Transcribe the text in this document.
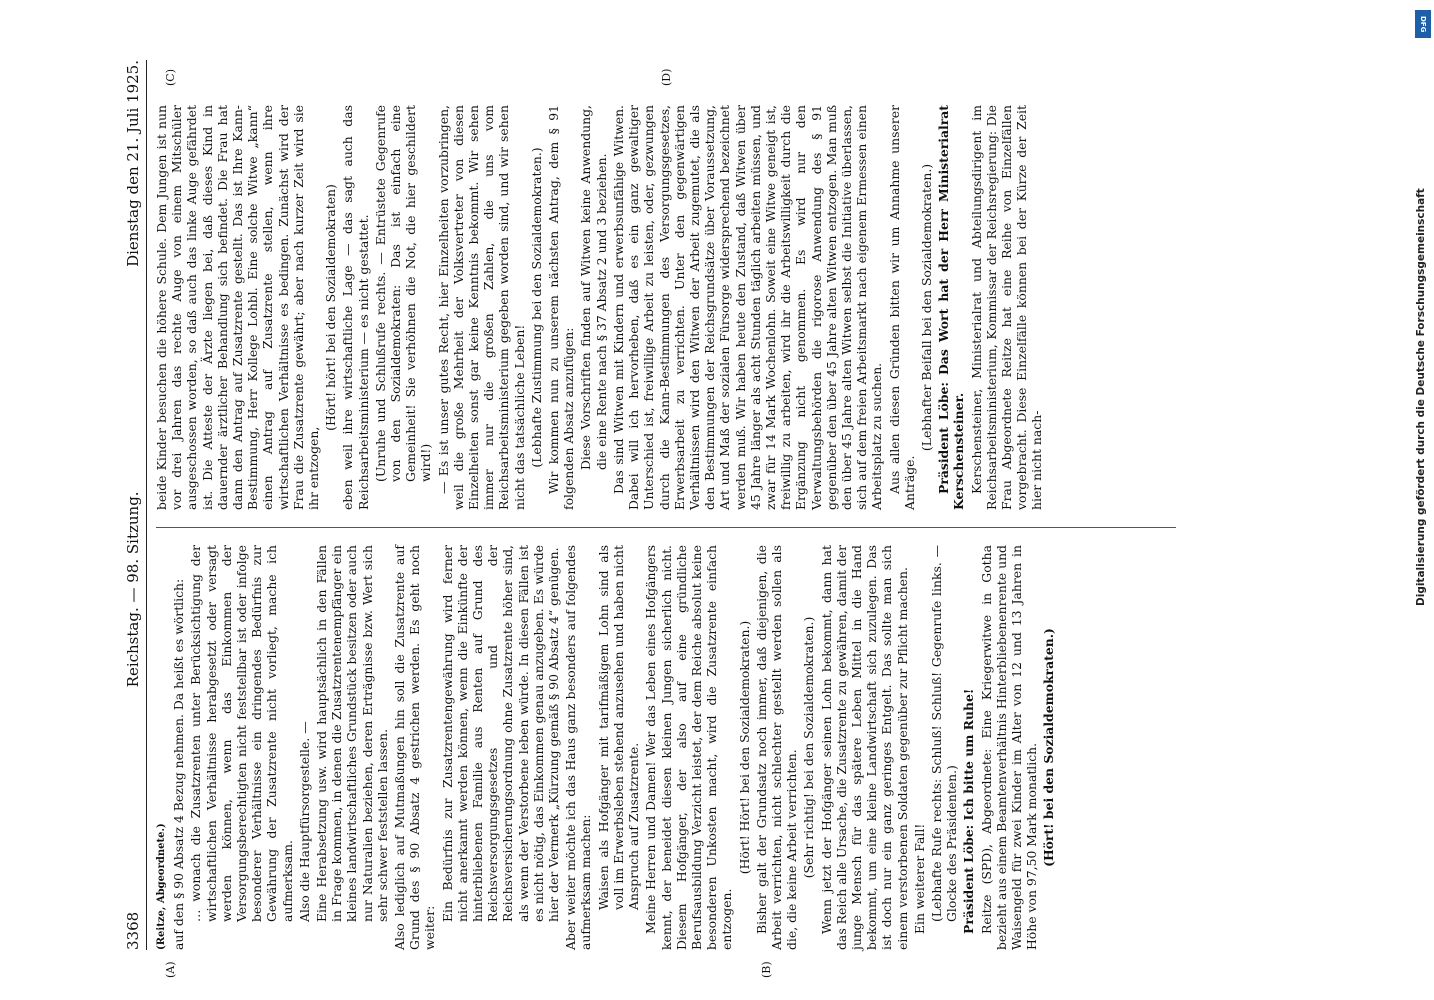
3368
Reichstag. — 98. Sitzung.
Dienstag den 21. Juli 1925.
(A)	(B)
(C)	(D)

(Reitze, Abgeordnete.) auf den § 90 Absatz 4 Bezug nehmen. Da heißt es wörtlich: … wonach die Zusatzrenten unter Berücksichtigung der wirtschaftlichen Verhältnisse herabgesetzt oder versagt werden können, wenn das Einkommen der Versorgungsberechtigten nicht feststellbar ist oder infolge besonderer Verhältnisse ein dringendes Bedürfnis zur Gewährung der Zusatzrente nicht vorliegt, mache ich aufmerksam. Also die Hauptfürsorgestelle. — Eine Herabsetzung usw. wird hauptsächlich in den Fällen in Frage kommen, in denen die Zusatzrentenempfänger ein kleines landwirtschaftliches Grundstück besitzen oder auch nur Naturalien beziehen, deren Erträgnisse bzw. Wert sich sehr schwer feststellen lassen. Also lediglich auf Mutmaßungen hin soll die Zusatzrente auf Grund des § 90 Absatz 4 gestrichen werden. Es geht noch weiter:

Ein Bedürfnis zur Zusatzrentengewährung wird ferner nicht anerkannt werden können, wenn die Einkünfte der hinterbliebenen Familie aus Renten auf Grund des Reichsversorgungsgesetzes und der Reichsversicherungsordnung ohne Zusatzrente höher sind, als wenn der Verstorbene leben würde. In diesen Fällen ist es nicht nötig, das Einkommen genau anzugeben. Es würde hier der Vermerk „Kürzung gemäß § 90 Absatz 4“ genügen. Aber weiter möchte ich das Haus ganz besonders auf folgendes aufmerksam machen: Waisen als Hofgänger mit tarifmäßigem Lohn sind als voll im Erwerbsleben stehend anzusehen und haben nicht Anspruch auf Zusatzrente. Meine Herren und Damen! Wer das Leben eines Hofgängers kennt, der beneidet diesen kleinen Jungen sicherlich nicht. Diesem Hofgänger, der also auf eine gründliche Berufsausbildung Verzicht leistet, der dem Reiche absolut keine besonderen Unkosten macht, wird die Zusatzrente einfach entzogen.

(Hört! Hört! bei den Sozialdemokraten.) Bisher galt der Grundsatz noch immer, daß diejenigen, die Arbeit verrichten, nicht schlechter gestellt werden sollen als die, die keine Arbeit verrichten. (Sehr richtig! bei den Sozialdemokraten.) Wenn jetzt der Hofgänger seinen Lohn bekommt, dann hat das Reich alle Ursache, die Zusatzrente zu gewähren, damit der junge Mensch für das spätere Leben Mittel in die Hand bekommt, um eine kleine Landwirtschaft sich zuzulegen. Das ist doch nur ein ganz geringes Entgelt. Das sollte man sich einem verstorbenen Soldaten gegenüber zur Pflicht machen. Ein weiterer Fall! (Lebhafte Rufe rechts: Schluß! Schluß! Gegenrufe links. — Glocke des Präsidenten.) Präsident Löbe: Ich bitte um Ruhe! Reitze (SPD), Abgeordnete: Eine Kriegerwitwe in Gotha bezieht aus einem Beamtenverhältnis Hinterbliebenenrente und Waisengeld für zwei Kinder im Alter von 12 und 13 Jahren in Höhe von 97,50 Mark monatlich. (Hört! bei den Sozialdemokraten.)

beide Kinder besuchen die höhere Schule. Dem Jungen ist nun vor drei Jahren das rechte Auge von einem Mitschüler ausgeschossen worden, so daß auch das linke Auge gefährdet ist. Die Atteste der Ärzte liegen bei, daß dieses Kind in dauernder ärztlicher Behandlung sich befindet. Die Frau hat dann den Antrag auf Zusatzrente gestellt. Das ist Ihre Kann-Bestimmung, Herr Kollege Lohbl. Eine solche Witwe „kann“ einen Antrag auf Zusatzrente stellen, wenn ihre wirtschaftlichen Verhältnisse es bedingen. Zunächst wird der Frau die Zusatzrente gewährt; aber nach kurzer Zeit wird sie ihr entzogen,

(Hört! hört! bei den Sozialdemokraten) eben weil ihre wirtschaftliche Lage — das sagt auch das Reichsarbeitsministerium — es nicht gestattet. (Unruhe und Schlußrufe rechts. — Entrüstete Gegenrufe von den Sozialdemokraten: Das ist einfach eine Gemeinheit! Sie verhöhnen die Not, die hier geschildert wird!) — Es ist unser gutes Recht, hier Einzelheiten vorzubringen, weil die große Mehrheit der Volksvertreter von diesen Einzelheiten sonst gar keine Kenntnis bekommt. Wir sehen immer nur die großen Zahlen, die uns vom Reichsarbeitsministerium gegeben worden sind, und wir sehen nicht das tatsächliche Leben! (Lebhafte Zustimmung bei den Sozialdemokraten.) Wir kommen nun zu unserem nächsten Antrag, dem § 91 folgenden Absatz anzufügen: Diese Vorschriften finden auf Witwen keine Anwendung, die eine Rente nach § 37 Absatz 2 und 3 beziehen. Das sind Witwen mit Kindern und erwerbsunfähige Witwen. Dabei will ich hervorheben, daß es ein ganz gewaltiger Unterschied ist, freiwillige Arbeit zu leisten, oder, gezwungen durch die Kann-Bestimmungen des Versorgungsgesetzes, Erwerbsarbeit zu verrichten. Unter den gegenwärtigen Verhältnissen wird den Witwen der Arbeit zugemutet, die als den Bestimmungen der Reichsgrundsätze über Voraussetzung, Art und Maß der sozialen Fürsorge widersprechend bezeichnet werden muß. Wir haben heute den Zustand, daß Witwen über 45 Jahre länger als acht Stunden täglich arbeiten müssen, und zwar für 14 Mark Wochenlohn. Soweit eine Witwe geneigt ist, freiwillig zu arbeiten, wird ihr die Arbeitswilligkeit durch die Ergänzung nicht genommen. Es wird nur den Verwaltungsbehörden die rigorose Anwendung des § 91 gegenüber den über 45 Jahre alten Witwen entzogen. Man muß den über 45 Jahre alten Witwen selbst die Initiative überlassen, sich auf dem freien Arbeitsmarkt nach eigenem Ermessen einen Arbeitsplatz zu suchen. Aus allen diesen Gründen bitten wir um Annahme unserer Anträge.

(Lebhafter Beifall bei den Sozialdemokraten.) Präsident Löbe: Das Wort hat der Herr Ministerialrat Kerschensteiner. Kerschensteiner, Ministerialrat und Abteilungsdirigent im Reichsarbeitsministerium, Kommissar der Reichsregierung: Die Frau Abgeordnete Reitze hat eine Reihe von Einzelfällen vorgebracht. Diese Einzelfälle können bei der Kürze der Zeit hier nicht nach-

DFG
Digitalisierung gefördert durch die Deutsche Forschungsgemeinschaft
